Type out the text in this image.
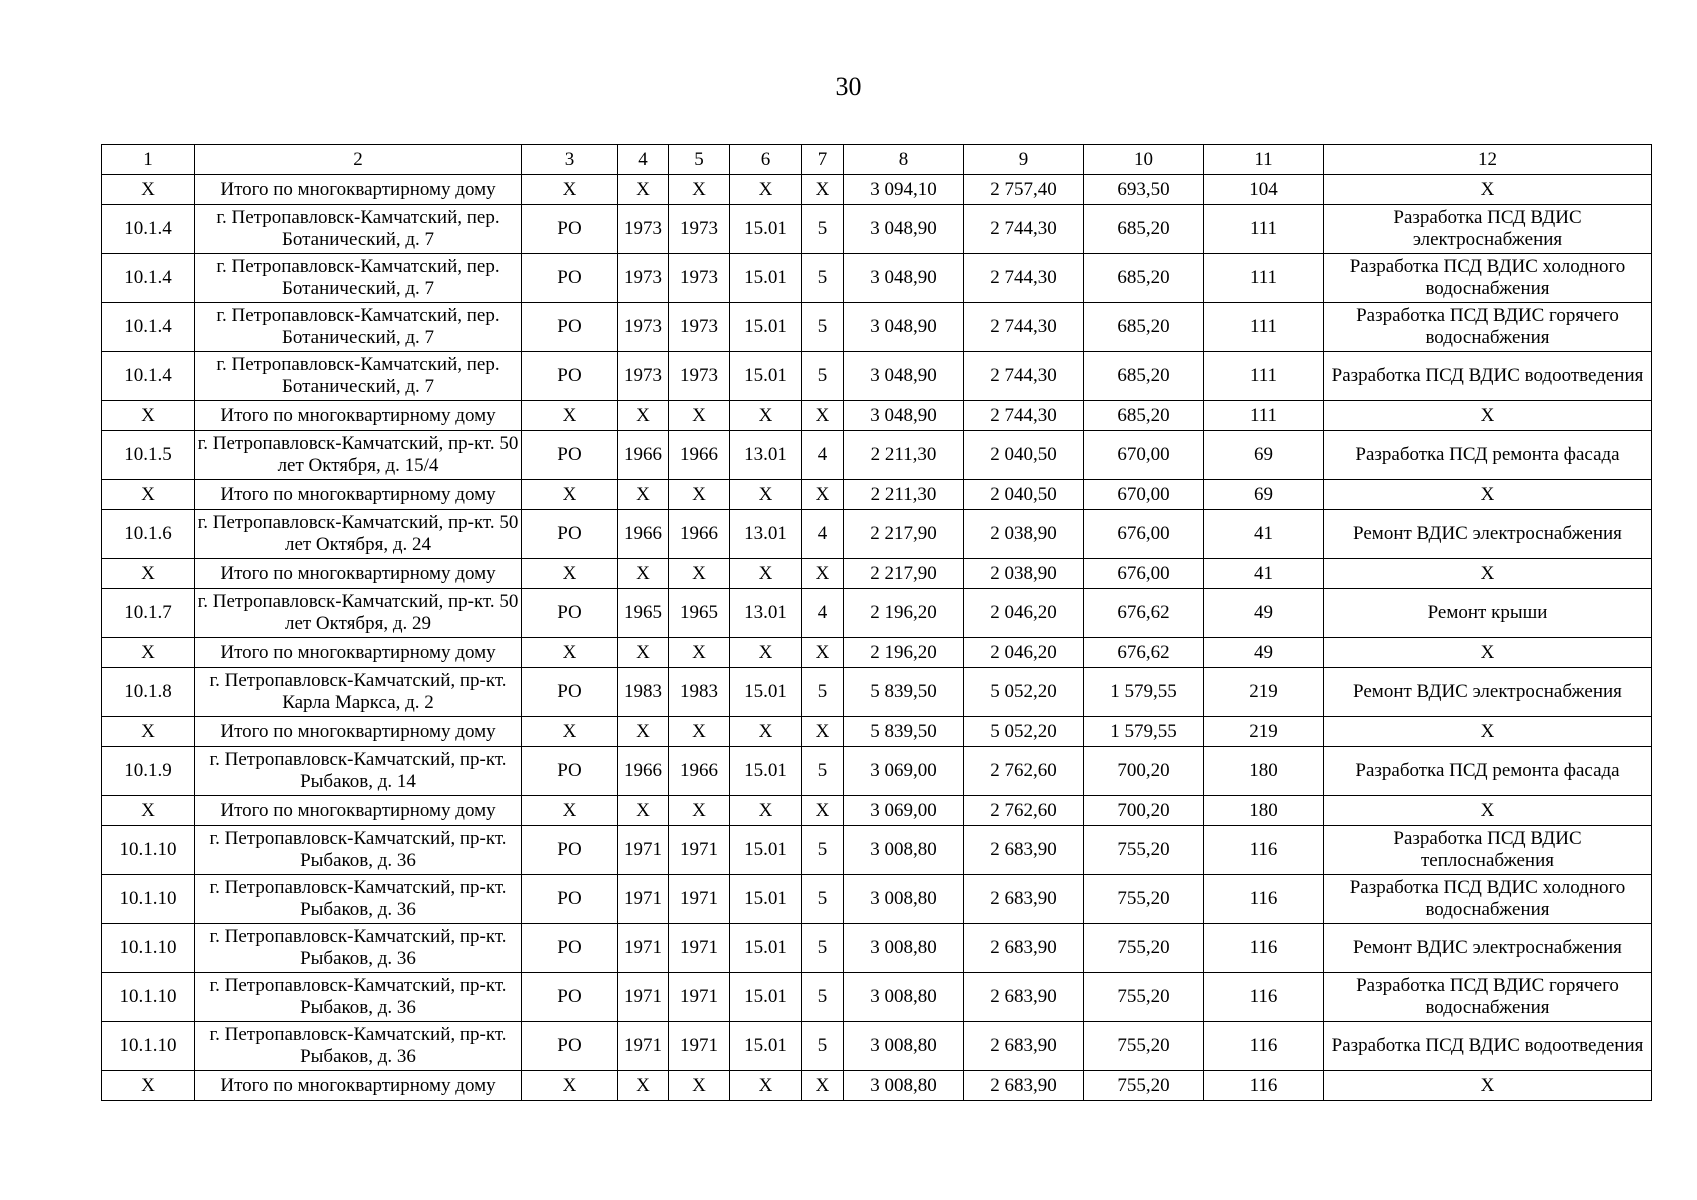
30
1	2	3	4	5	6	7	8	9	10	11	12
Х	Итого по многоквартирному дому	Х	Х	Х	Х	Х	3 094,10	2 757,40	693,50	104	Х
10.1.4	г. Петропавловск-Камчатский, пер. Ботанический, д. 7	РО	1973	1973	15.01	5	3 048,90	2 744,30	685,20	111	Разработка ПСД ВДИС электроснабжения
10.1.4	г. Петропавловск-Камчатский, пер. Ботанический, д. 7	РО	1973	1973	15.01	5	3 048,90	2 744,30	685,20	111	Разработка ПСД ВДИС холодного водоснабжения
10.1.4	г. Петропавловск-Камчатский, пер. Ботанический, д. 7	РО	1973	1973	15.01	5	3 048,90	2 744,30	685,20	111	Разработка ПСД ВДИС горячего водоснабжения
10.1.4	г. Петропавловск-Камчатский, пер. Ботанический, д. 7	РО	1973	1973	15.01	5	3 048,90	2 744,30	685,20	111	Разработка ПСД ВДИС водоотведения
Х	Итого по многоквартирному дому	Х	Х	Х	Х	Х	3 048,90	2 744,30	685,20	111	Х
10.1.5	г. Петропавловск-Камчатский, пр-кт. 50 лет Октября, д. 15/4	РО	1966	1966	13.01	4	2 211,30	2 040,50	670,00	69	Разработка ПСД ремонта фасада
Х	Итого по многоквартирному дому	Х	Х	Х	Х	Х	2 211,30	2 040,50	670,00	69	Х
10.1.6	г. Петропавловск-Камчатский, пр-кт. 50 лет Октября, д. 24	РО	1966	1966	13.01	4	2 217,90	2 038,90	676,00	41	Ремонт ВДИС электроснабжения
Х	Итого по многоквартирному дому	Х	Х	Х	Х	Х	2 217,90	2 038,90	676,00	41	Х
10.1.7	г. Петропавловск-Камчатский, пр-кт. 50 лет Октября, д. 29	РО	1965	1965	13.01	4	2 196,20	2 046,20	676,62	49	Ремонт крыши
Х	Итого по многоквартирному дому	Х	Х	Х	Х	Х	2 196,20	2 046,20	676,62	49	Х
10.1.8	г. Петропавловск-Камчатский, пр-кт. Карла Маркса, д. 2	РО	1983	1983	15.01	5	5 839,50	5 052,20	1 579,55	219	Ремонт ВДИС электроснабжения
Х	Итого по многоквартирному дому	Х	Х	Х	Х	Х	5 839,50	5 052,20	1 579,55	219	Х
10.1.9	г. Петропавловск-Камчатский, пр-кт. Рыбаков, д. 14	РО	1966	1966	15.01	5	3 069,00	2 762,60	700,20	180	Разработка ПСД ремонта фасада
Х	Итого по многоквартирному дому	Х	Х	Х	Х	Х	3 069,00	2 762,60	700,20	180	Х
10.1.10	г. Петропавловск-Камчатский, пр-кт. Рыбаков, д. 36	РО	1971	1971	15.01	5	3 008,80	2 683,90	755,20	116	Разработка ПСД ВДИС теплоснабжения
10.1.10	г. Петропавловск-Камчатский, пр-кт. Рыбаков, д. 36	РО	1971	1971	15.01	5	3 008,80	2 683,90	755,20	116	Разработка ПСД ВДИС холодного водоснабжения
10.1.10	г. Петропавловск-Камчатский, пр-кт. Рыбаков, д. 36	РО	1971	1971	15.01	5	3 008,80	2 683,90	755,20	116	Ремонт ВДИС электроснабжения
10.1.10	г. Петропавловск-Камчатский, пр-кт. Рыбаков, д. 36	РО	1971	1971	15.01	5	3 008,80	2 683,90	755,20	116	Разработка ПСД ВДИС горячего водоснабжения
10.1.10	г. Петропавловск-Камчатский, пр-кт. Рыбаков, д. 36	РО	1971	1971	15.01	5	3 008,80	2 683,90	755,20	116	Разработка ПСД ВДИС водоотведения
Х	Итого по многоквартирному дому	Х	Х	Х	Х	Х	3 008,80	2 683,90	755,20	116	Х
